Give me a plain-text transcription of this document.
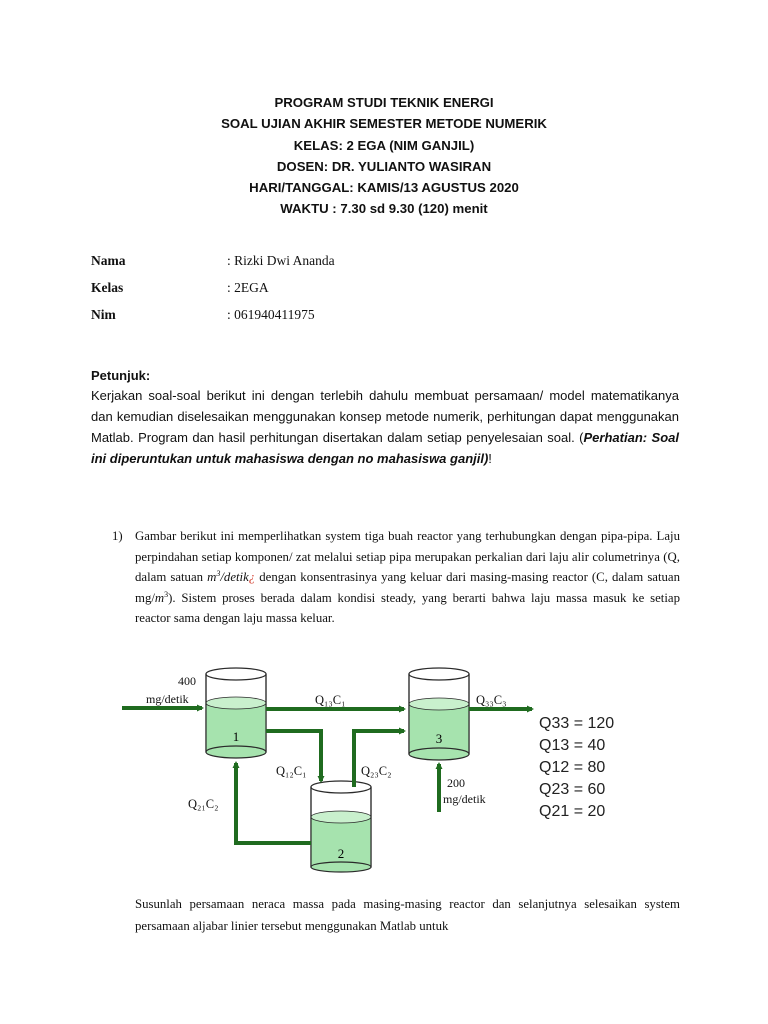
PROGRAM STUDI TEKNIK ENERGI
SOAL UJIAN AKHIR SEMESTER METODE NUMERIK
KELAS: 2 EGA (NIM GANJIL)
DOSEN: DR. YULIANTO WASIRAN
HARI/TANGGAL: KAMIS/13 AGUSTUS 2020
WAKTU : 7.30 sd 9.30 (120) menit
Nama	: Rizki Dwi Ananda
Kelas	: 2EGA
Nim	: 061940411975
Petunjuk:
Kerjakan soal-soal berikut ini dengan terlebih dahulu membuat persamaan/ model matematikanya dan kemudian diselesaikan menggunakan konsep metode numerik, perhitungan dapat menggunakan Matlab. Program dan hasil perhitungan disertakan dalam setiap penyelesaian soal. (Perhatian: Soal ini diperuntukan untuk mahasiswa dengan no mahasiswa ganjil)!
1) Gambar berikut ini memperlihatkan system tiga buah reactor yang terhubungkan dengan pipa-pipa. Laju perpindahan setiap komponen/ zat melalui setiap pipa merupakan perkalian dari laju alir columetrinya (Q, dalam satuan $m^3/detik¿$ dengan konsentrasinya yang keluar dari masing-masing reactor (C, dalam satuan $mg/m^3$). Sistem proses berada dalam kondisi steady, yang berarti bahwa laju massa masuk ke setiap reactor sama dengan laju massa keluar.
1	3
2
400
mg/detik	Q₁₃C₁	Q₃₃C₃
Q₁₂C₁	Q₂₃C₂
Q₂₁C₂
200
mg/detik
Q33 = 120
Q13 = 40
Q12 = 80
Q23 = 60
Q21 = 20
Susunlah persamaan neraca massa pada masing-masing reactor dan selanjutnya selesaikan system persamaan aljabar linier tersebut menggunakan Matlab untuk
